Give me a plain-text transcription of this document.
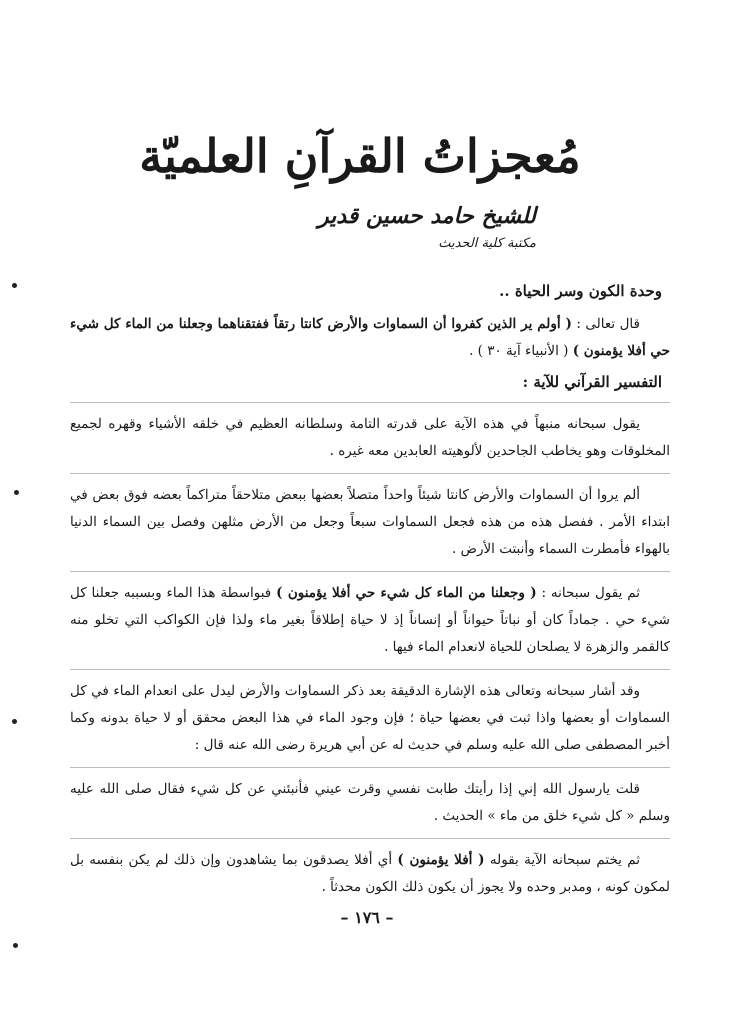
مُعجزاتُ القرآنِ العلميّة
للشيخ حامد حسين قدير
مكتبة كلية الحديث
وحدة الكون وسر الحياة ..
قال تعالى : ( أولم ير الذين كفروا أن السماوات والأرض كانتا رتقاً ففتقناهما وجعلنا من الماء كل شيء حي أفلا يؤمنون ) ( الأنبياء آية ٣٠ ) .
التفسير القرآني للآية :
يقول سبحانه منبهاً في هذه الآية على قدرته التامة وسلطانه العظيم في خلقه الأشياء وقهره لجميع المخلوقات وهو يخاطب الجاحدين لألوهيته العابدين معه غيره .
ألم يروا أن السماوات والأرض كانتا شيئاً واحداً متصلاً بعضها ببعض متلاحقاً متراكماً بعضه فوق بعض في ابتداء الأمر . ففصل هذه من هذه فجعل السماوات سبعاً وجعل من الأرض مثلهن وفصل بين السماء الدنيا بالهواء فأمطرت السماء وأنبتت الأرض .
ثم يقول سبحانه : ( وجعلنا من الماء كل شيء حي أفلا يؤمنون ) فبواسطة هذا الماء وبسببه جعلنا كل شيء حي . جماداً كان أو نباتاً حيواناً أو إنساناً إذ لا حياة إطلاقاً بغير ماء ولذا فإن الكواكب التي تخلو منه كالقمر والزهرة لا يصلحان للحياة لانعدام الماء فيها .
وقد أشار سبحانه وتعالى هذه الإشارة الدقيقة بعد ذكر السماوات والأرض ليدل على انعدام الماء في كل السماوات أو بعضها واذا ثبت في بعضها حياة ؛ فإن وجود الماء في هذا البعض محقق أو لا حياة بدونه وكما أخبر المصطفى صلى الله عليه وسلم في حديث له عن أبي هريرة رضى الله عنه قال :
قلت يارسول الله إني إذا رأيتك طابت نفسي وقرت عيني فأنبئني عن كل شيء فقال صلى الله عليه وسلم « كل شيء خلق من ماء » الحديث .
ثم يختم سبحانه الآية بقوله ( أفلا يؤمنون ) أي أفلا يصدقون بما يشاهدون وإن ذلك لم يكن بنفسه بل لمكون كونه ، ومدبر وحده ولا يجوز أن يكون ذلك الكون محدثاً .
– ١٧٦ –
